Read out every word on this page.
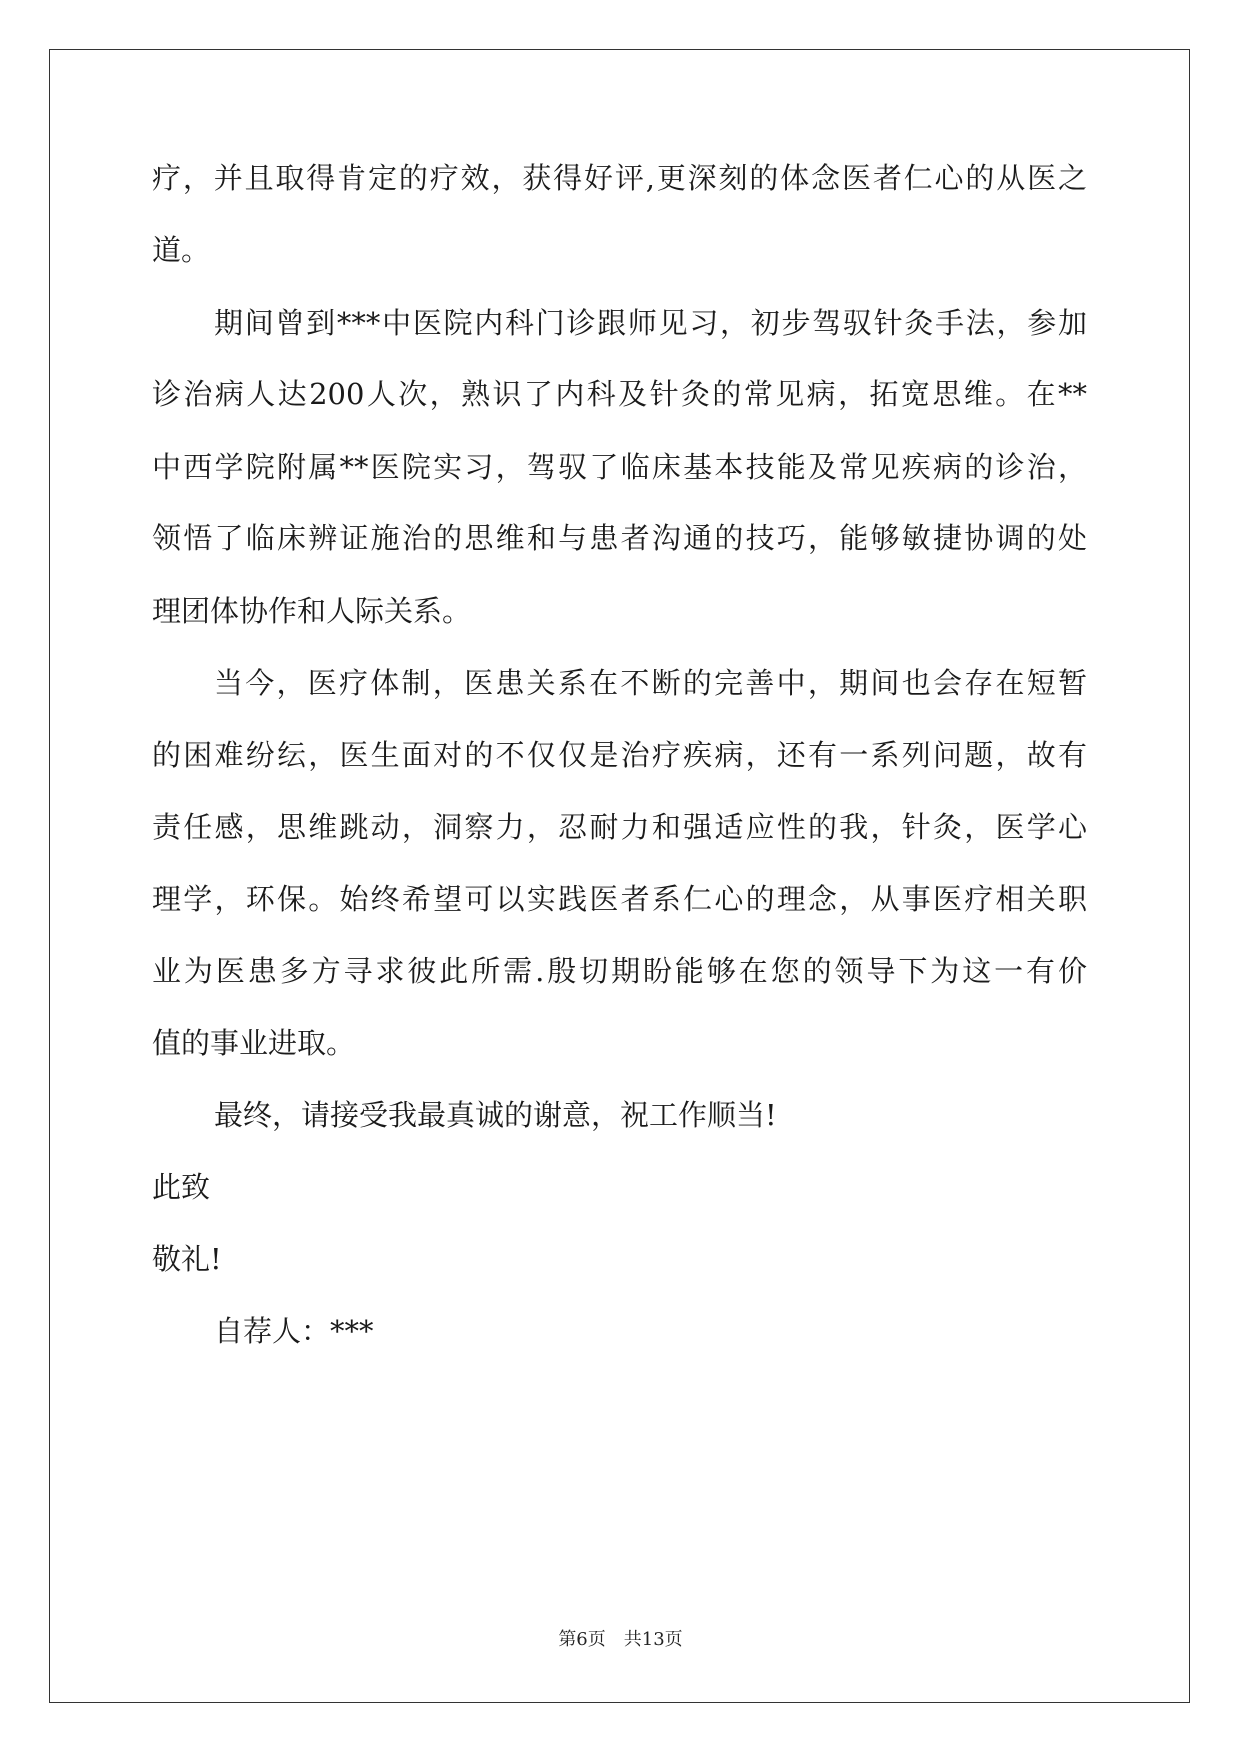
疗，并且取得肯定的疗效，获得好评,更深刻的体念医者仁心的从医之
道。
期间曾到***中医院内科门诊跟师见习，初步驾驭针灸手法，参加
诊治病人达200人次，熟识了内科及针灸的常见病，拓宽思维。在**
中西学院附属**医院实习，驾驭了临床基本技能及常见疾病的诊治，
领悟了临床辨证施治的思维和与患者沟通的技巧，能够敏捷协调的处
理团体协作和人际关系。
当今，医疗体制，医患关系在不断的完善中，期间也会存在短暂
的困难纷纭，医生面对的不仅仅是治疗疾病，还有一系列问题，故有
责任感，思维跳动，洞察力，忍耐力和强适应性的我，针灸，医学心
理学，环保。始终希望可以实践医者系仁心的理念，从事医疗相关职
业为医患多方寻求彼此所需.殷切期盼能够在您的领导下为这一有价
值的事业进取。
最终，请接受我最真诚的谢意，祝工作顺当!
此致
敬礼!
自荐人：***
第6页　共13页
